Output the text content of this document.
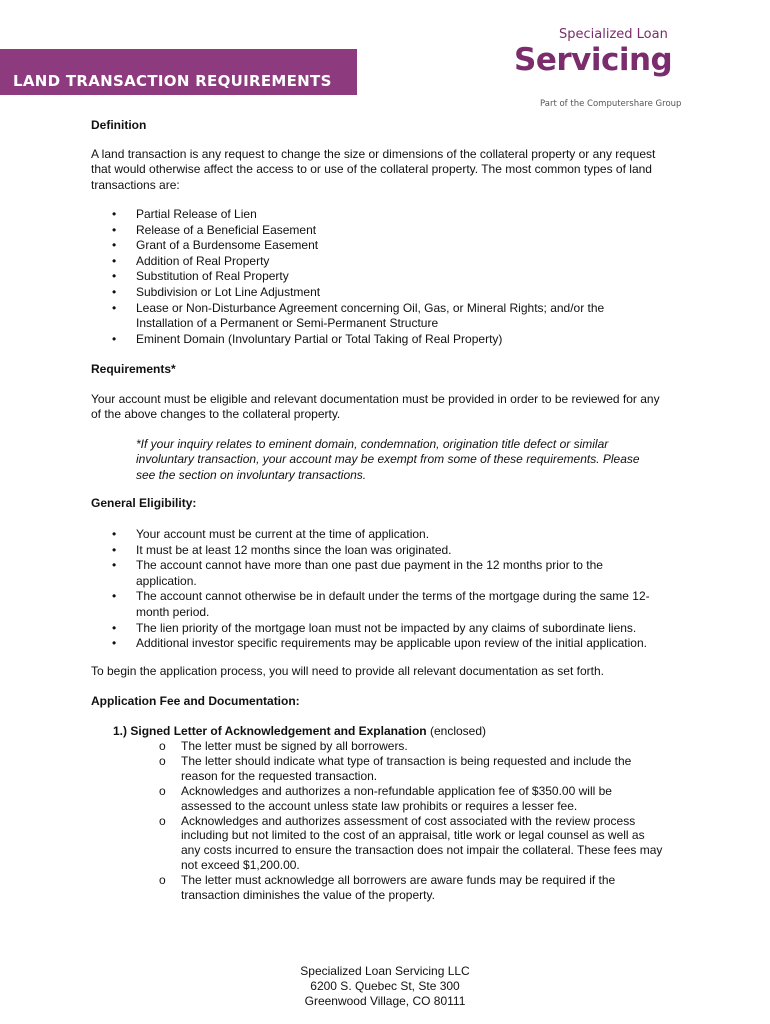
LAND TRANSACTION REQUIREMENTS
Specialized Loan
Servicing
Part of the Computershare Group
Definition
A land transaction is any request to change the size or dimensions of the collateral property or any request that would otherwise affect the access to or use of the collateral property. The most common types of land transactions are:
• Partial Release of Lien
• Release of a Beneficial Easement
• Grant of a Burdensome Easement
• Addition of Real Property
• Substitution of Real Property
• Subdivision or Lot Line Adjustment
• Lease or Non-Disturbance Agreement concerning Oil, Gas, or Mineral Rights; and/or the Installation of a Permanent or Semi-Permanent Structure
• Eminent Domain (Involuntary Partial or Total Taking of Real Property)
Requirements*
Your account must be eligible and relevant documentation must be provided in order to be reviewed for any of the above changes to the collateral property.
*If your inquiry relates to eminent domain, condemnation, origination title defect or similar involuntary transaction, your account may be exempt from some of these requirements. Please see the section on involuntary transactions.
General Eligibility:
• Your account must be current at the time of application.
• It must be at least 12 months since the loan was originated.
• The account cannot have more than one past due payment in the 12 months prior to the application.
• The account cannot otherwise be in default under the terms of the mortgage during the same 12-month period.
• The lien priority of the mortgage loan must not be impacted by any claims of subordinate liens.
• Additional investor specific requirements may be applicable upon review of the initial application.
To begin the application process, you will need to provide all relevant documentation as set forth.
Application Fee and Documentation:
1.) Signed Letter of Acknowledgement and Explanation (enclosed)
o The letter must be signed by all borrowers.
o The letter should indicate what type of transaction is being requested and include the reason for the requested transaction.
o Acknowledges and authorizes a non-refundable application fee of $350.00 will be assessed to the account unless state law prohibits or requires a lesser fee.
o Acknowledges and authorizes assessment of cost associated with the review process including but not limited to the cost of an appraisal, title work or legal counsel as well as any costs incurred to ensure the transaction does not impair the collateral. These fees may not exceed $1,200.00.
o The letter must acknowledge all borrowers are aware funds may be required if the transaction diminishes the value of the property.
Specialized Loan Servicing LLC
6200 S. Quebec St, Ste 300
Greenwood Village, CO 80111
